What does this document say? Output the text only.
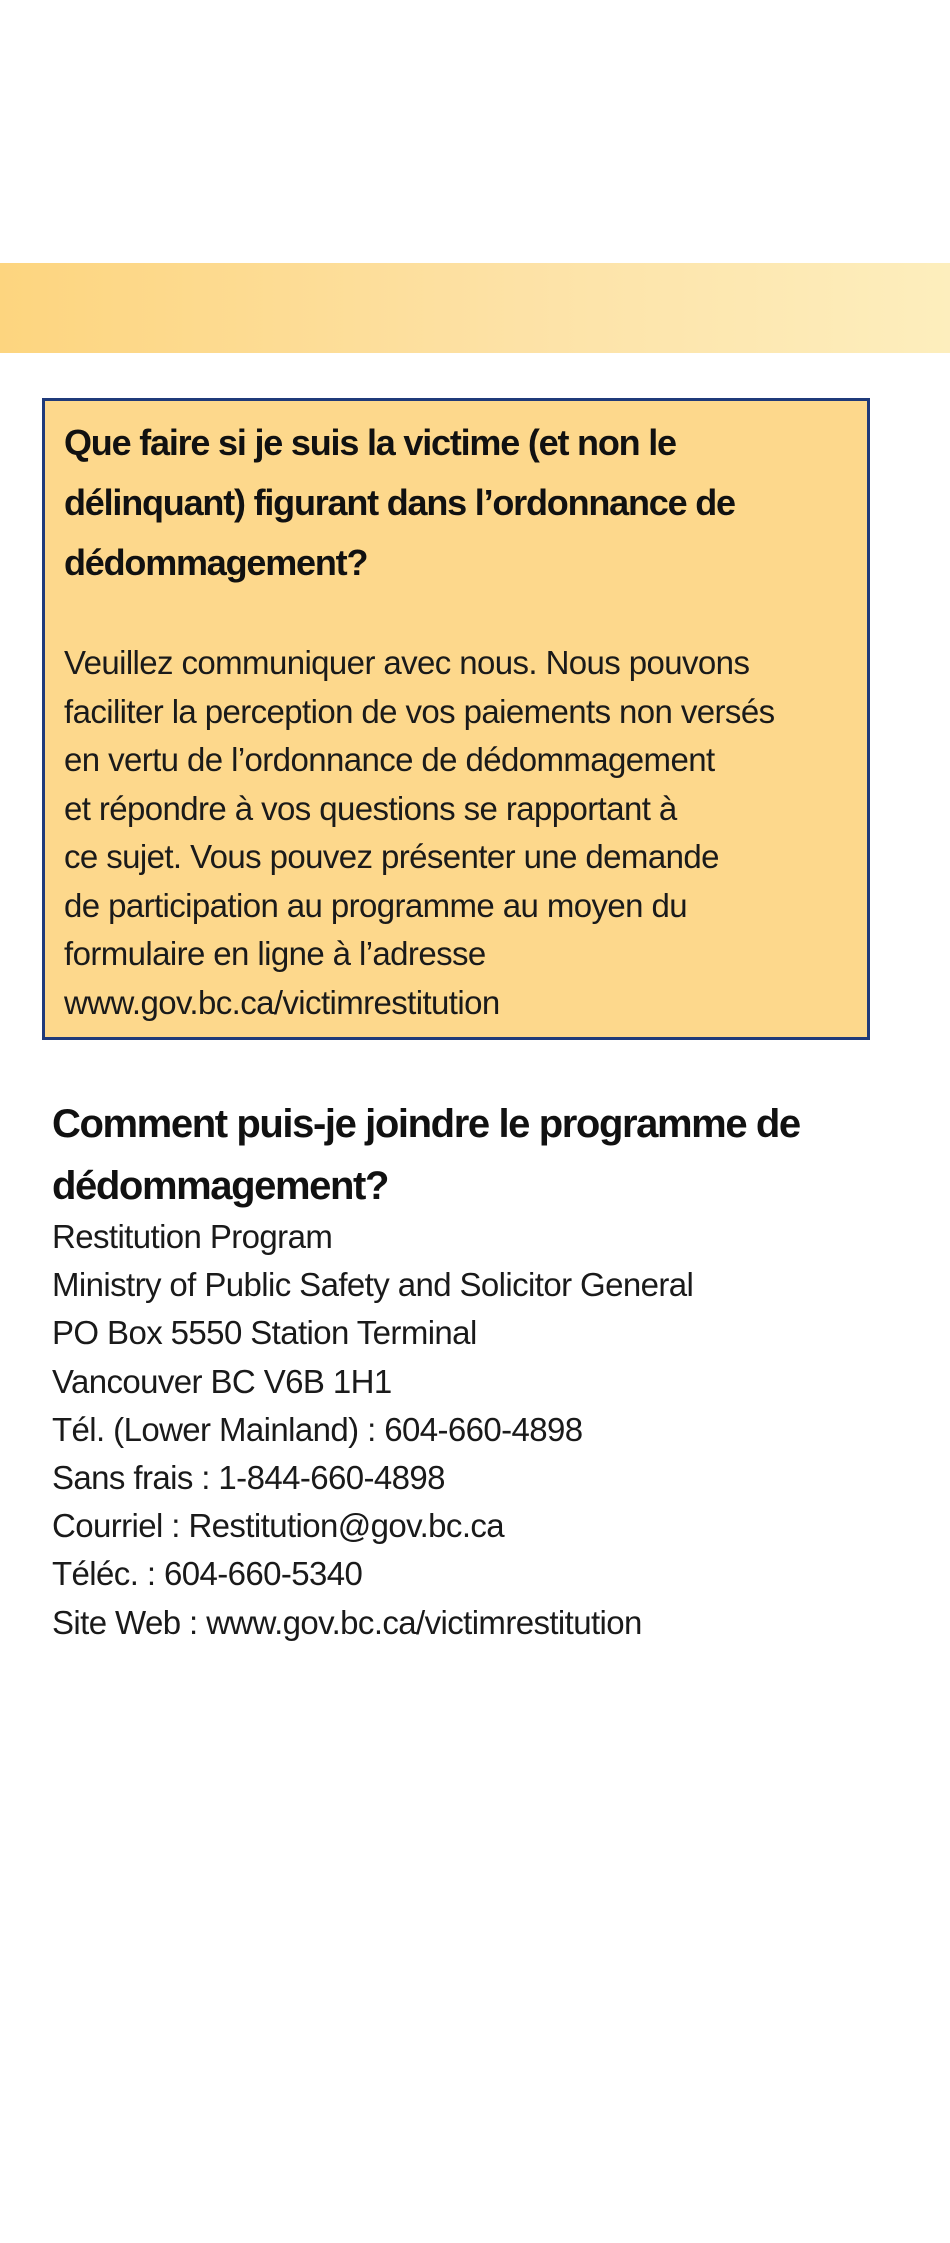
Que faire si je suis la victime (et non le
délinquant) figurant dans l’ordonnance de
dédommagement?
Veuillez communiquer avec nous. Nous pouvons
faciliter la perception de vos paiements non versés
en vertu de l’ordonnance de dédommagement
et répondre à vos questions se rapportant à
ce sujet. Vous pouvez présenter une demande
de participation au programme au moyen du
formulaire en ligne à l’adresse
www.gov.bc.ca/victimrestitution
Comment puis-je joindre le programme de
dédommagement?
Restitution Program
Ministry of Public Safety and Solicitor General
PO Box 5550 Station Terminal
Vancouver BC V6B 1H1
Tél. (Lower Mainland) : 604-660-4898
Sans frais : 1-844-660-4898
Courriel : Restitution@gov.bc.ca
Téléc. : 604-660-5340
Site Web : www.gov.bc.ca/victimrestitution
